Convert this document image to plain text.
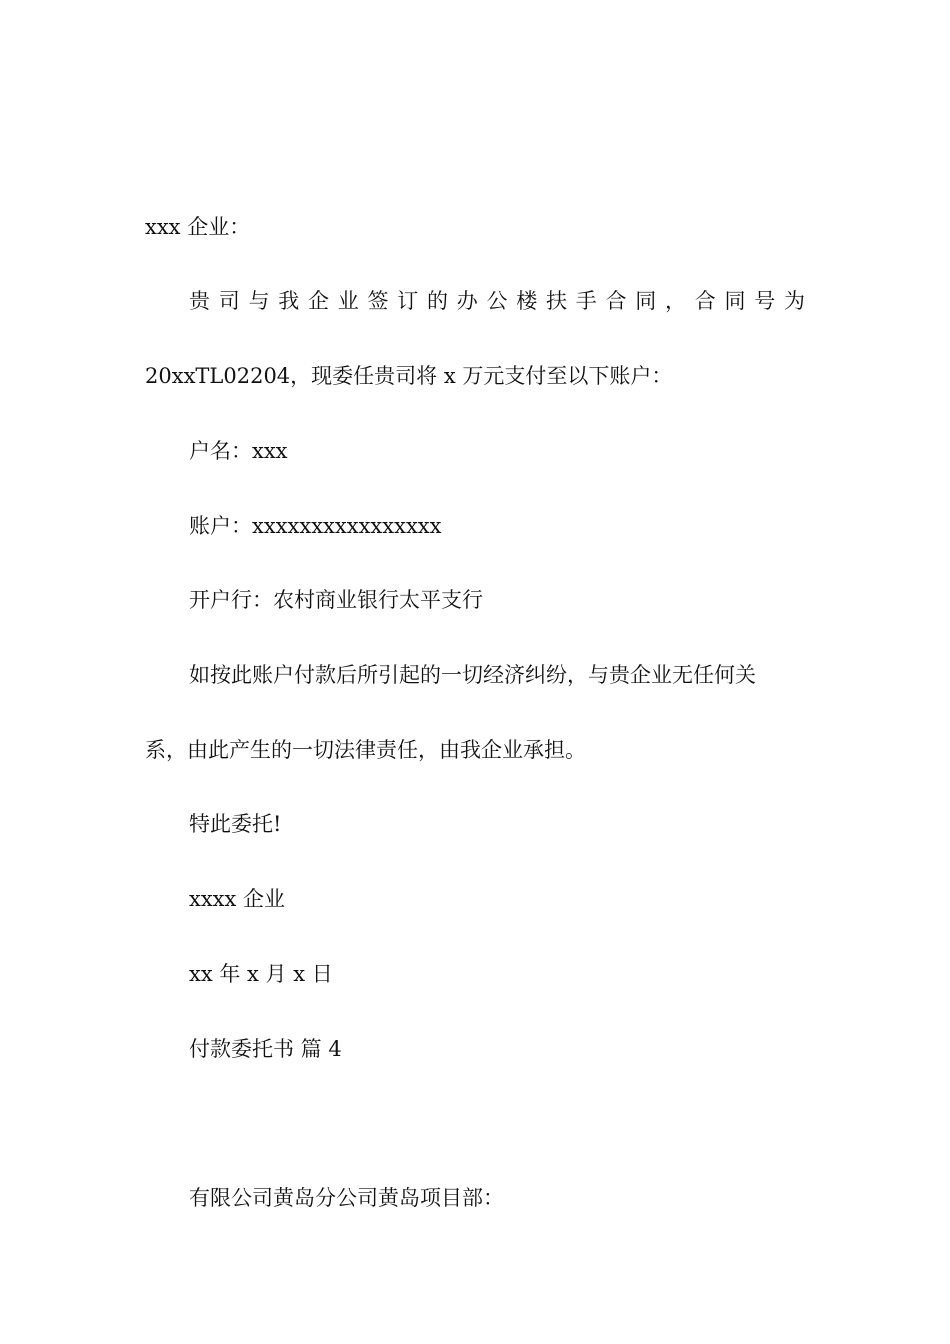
xxx 企业：
贵 司 与 我 企 业 签 订 的 办 公 楼 扶 手 合 同 ， 合 同 号 为
20xxTL02204，现委任贵司将 x 万元支付至以下账户：
户名：xxx
账户：xxxxxxxxxxxxxxxx
开户行：农村商业银行太平支行
如按此账户付款后所引起的一切经济纠纷，与贵企业无任何关
系，由此产生的一切法律责任，由我企业承担。
特此委托!
xxxx 企业
xx 年 x 月 x 日
付款委托书 篇 4
有限公司黄岛分公司黄岛项目部：
